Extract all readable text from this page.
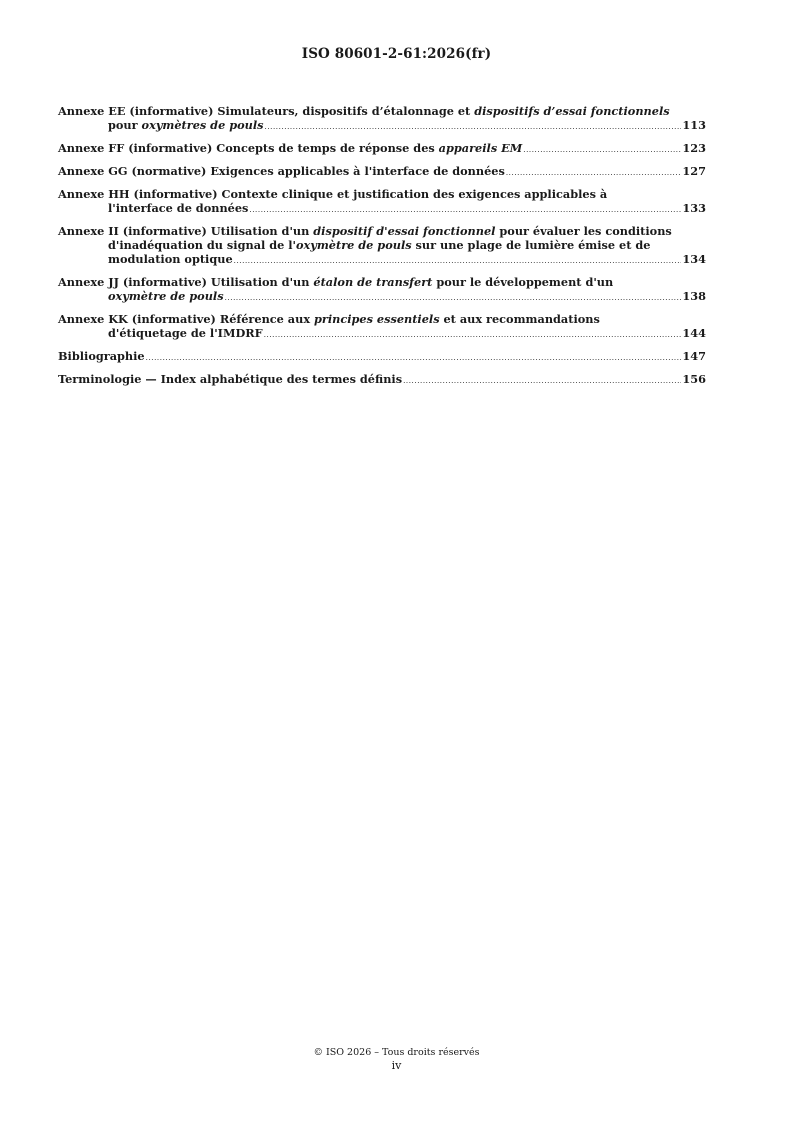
ISO 80601-2-61:2026(fr)
Annexe EE (informative) Simulateurs, dispositifs d’étalonnage et dispositifs d’essai fonctionnels
pour oxymètres de pouls .....	113
Annexe FF (informative) Concepts de temps de réponse des appareils EM .....	123
Annexe GG (normative) Exigences applicables à l'interface de données .....	127
Annexe HH (informative) Contexte clinique et justification des exigences applicables à
l'interface de données .....	133
Annexe II (informative) Utilisation d'un dispositif d'essai fonctionnel pour évaluer les conditions
d'inadéquation du signal de l'oxymètre de pouls sur une plage de lumière émise et de
modulation optique .....	134
Annexe JJ (informative) Utilisation d'un étalon de transfert pour le développement d'un
oxymètre de pouls .....	138
Annexe KK (informative) Référence aux principes essentiels et aux recommandations
d'étiquetage de l'IMDRF .....	144
Bibliographie .....	147
Terminologie — Index alphabétique des termes définis .....	156
© ISO 2026 – Tous droits réservés
iv
